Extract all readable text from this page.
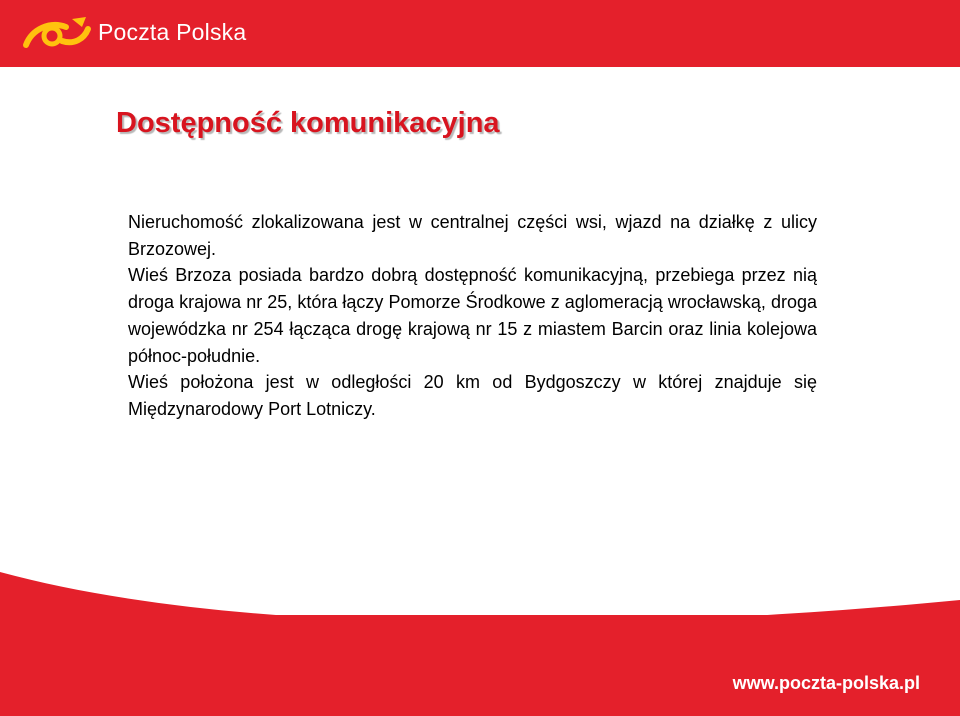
Poczta Polska
Dostępność komunikacyjna

Nieruchomość zlokalizowana jest w centralnej części wsi, wjazd na działkę z ulicy Brzozowej.

Wieś Brzoza posiada bardzo dobrą dostępność komunikacyjną, przebiega przez nią droga krajowa nr 25, która łączy Pomorze Środkowe z aglomeracją wrocławską, droga wojewódzka nr 254 łącząca drogę krajową nr 15 z miastem Barcin oraz linia kolejowa północ-południe.

Wieś położona jest w odległości 20 km od Bydgoszczy w której znajduje się Międzynarodowy Port Lotniczy.

www.poczta-polska.pl
